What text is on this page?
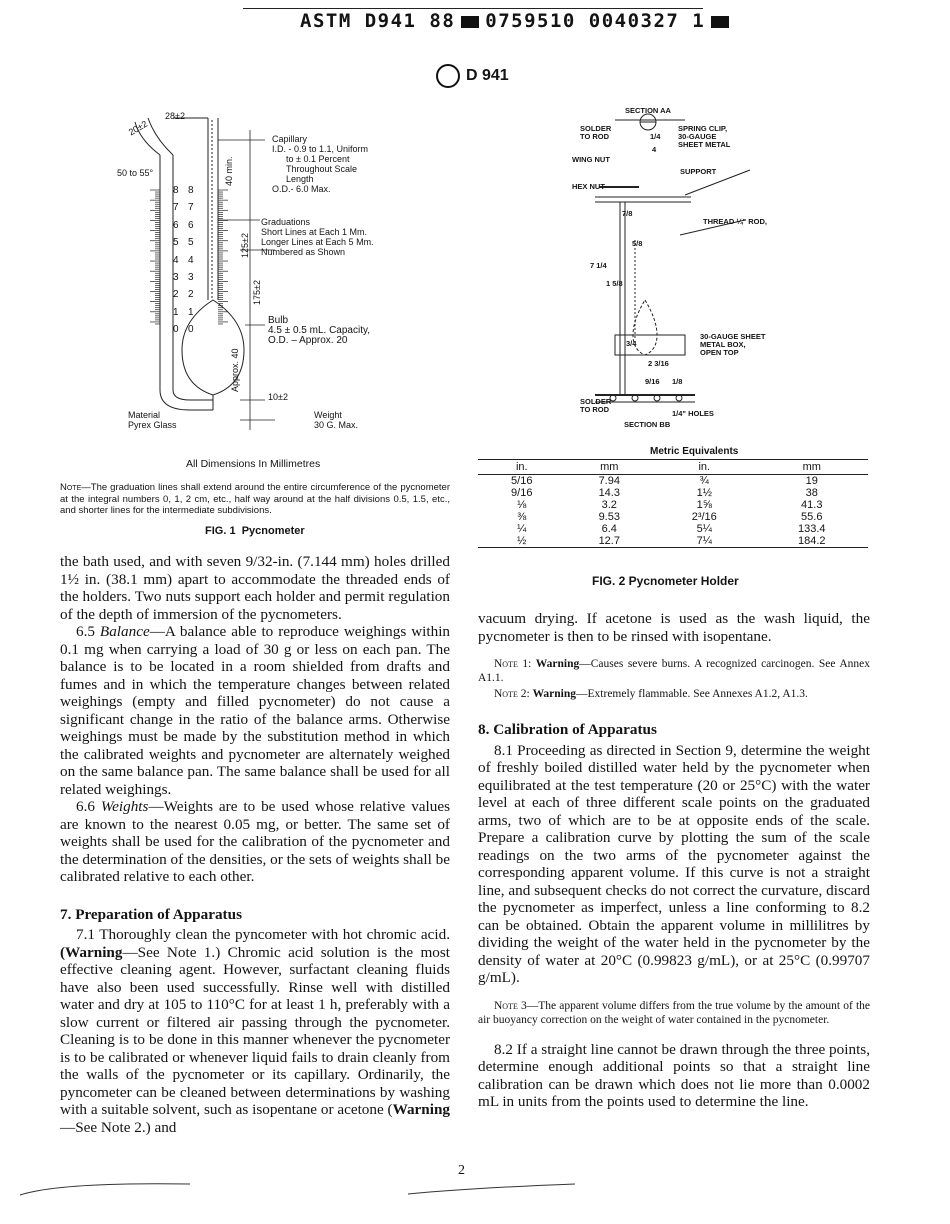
ASTM D941 88 0759510 0040327 1
D 941
28±2
20±2
50 to 55°
Capillary
I.D. - 0.9 to 1.1, Uniform
to ± 0.1 Percent
Throughout Scale
Length
O.D.- 6.0 Max.
40 min.
Graduations
Short Lines at Each 1 Mm.
Longer Lines at Each 5 Mm.
Numbered as Shown
125±2
175±2
Bulb
4.5 ± 0.5 mL. Capacity,
O.D. – Approx. 20
Approx. 40
10±2
Material
Pyrex Glass
Weight
30 G. Max.
8 8
7 7
6 6
5 5
4 4
3 3
2 2
1 1
0 0
All Dimensions In Millimetres
Note—The graduation lines shall extend around the entire circumference of the pycnometer at the integral numbers 0, 1, 2 cm, etc., half way around at the half divisions 0.5, 1.5, etc., and shorter lines for the intermediate subdivisions.
FIG. 1 Pycnometer
SECTION AA
SOLDER
TO ROD
SPRING CLIP,
30-GAUGE
SHEET METAL
WING NUT
SUPPORT
HEX NUT
THREAD ¼" ROD,
30-GAUGE SHEET
METAL BOX,
OPEN TOP
2 3/16
9/16 1/8
7/8
5/8
3/4
1 5/8
7 1/4
1/4
4
SOLDER
TO ROD	1/4" HOLES
SECTION BB
Metric Equivalents
in.	mm	in.	mm
5/16	7.94	¾	19
9/16	14.3	1½	38
⅛	3.2	1⅝	41.3
⅜	9.53	2³/16	55.6
¼	6.4	5¼	133.4
½	12.7	7¼	184.2
FIG. 2 Pycnometer Holder

the bath used, and with seven 9/32-in. (7.144 mm) holes drilled 1½ in. (38.1 mm) apart to accommodate the threaded ends of the holders. Two nuts support each holder and permit regulation of the depth of immersion of the pycnometers.

6.5 Balance—A balance able to reproduce weighings within 0.1 mg when carrying a load of 30 g or less on each pan. The balance is to be located in a room shielded from drafts and fumes and in which the temperature changes between related weighings (empty and filled pycnometer) do not cause a significant change in the ratio of the balance arms. Otherwise weighings must be made by the substitution method in which the calibrated weights and pycnometer are alternately weighed on the same balance pan. The same balance shall be used for all related weighings.

6.6 Weights—Weights are to be used whose relative values are known to the nearest 0.05 mg, or better. The same set of weights shall be used for the calibration of the pycnometer and the determination of the densities, or the sets of weights shall be calibrated relative to each other.

7. Preparation of Apparatus

7.1 Thoroughly clean the pyncometer with hot chromic acid. (Warning—See Note 1.) Chromic acid solution is the most effective cleaning agent. However, surfactant cleaning fluids have also been used successfully. Rinse well with distilled water and dry at 105 to 110°C for at least 1 h, preferably with a slow current or filtered air passing through the pycnometer. Cleaning is to be done in this manner whenever the pycnometer is to be calibrated or whenever liquid fails to drain cleanly from the walls of the pycnometer or its capillary. Ordinarily, the pyncometer can be cleaned between determinations by washing with a suitable solvent, such as isopentane or acetone (Warning—See Note 2.) and

vacuum drying. If acetone is used as the wash liquid, the pycnometer is then to be rinsed with isopentane.

Note 1: Warning—Causes severe burns. A recognized carcinogen. See Annex A1.1.

Note 2: Warning—Extremely flammable. See Annexes A1.2, A1.3.

8. Calibration of Apparatus

8.1 Proceeding as directed in Section 9, determine the weight of freshly boiled distilled water held by the pycnometer when equilibrated at the test temperature (20 or 25°C) with the water level at each of three different scale points on the graduated arms, two of which are to be at opposite ends of the scale. Prepare a calibration curve by plotting the sum of the scale readings on the two arms of the pycnometer against the corresponding apparent volume. If this curve is not a straight line, and subsequent checks do not correct the curvature, discard the pycnometer as imperfect, unless a line conforming to 8.2 can be obtained. Obtain the apparent volume in millilitres by dividing the weight of the water held in the pycnometer by the density of water at 20°C (0.99823 g/mL), or at 25°C (0.99707 g/mL).

Note 3—The apparent volume differs from the true volume by the amount of the air buoyancy correction on the weight of water contained in the pycnometer.

8.2 If a straight line cannot be drawn through the three points, determine enough additional points so that a straight line calibration can be drawn which does not lie more than 0.0002 mL in units from the points used to determine the line.

2
